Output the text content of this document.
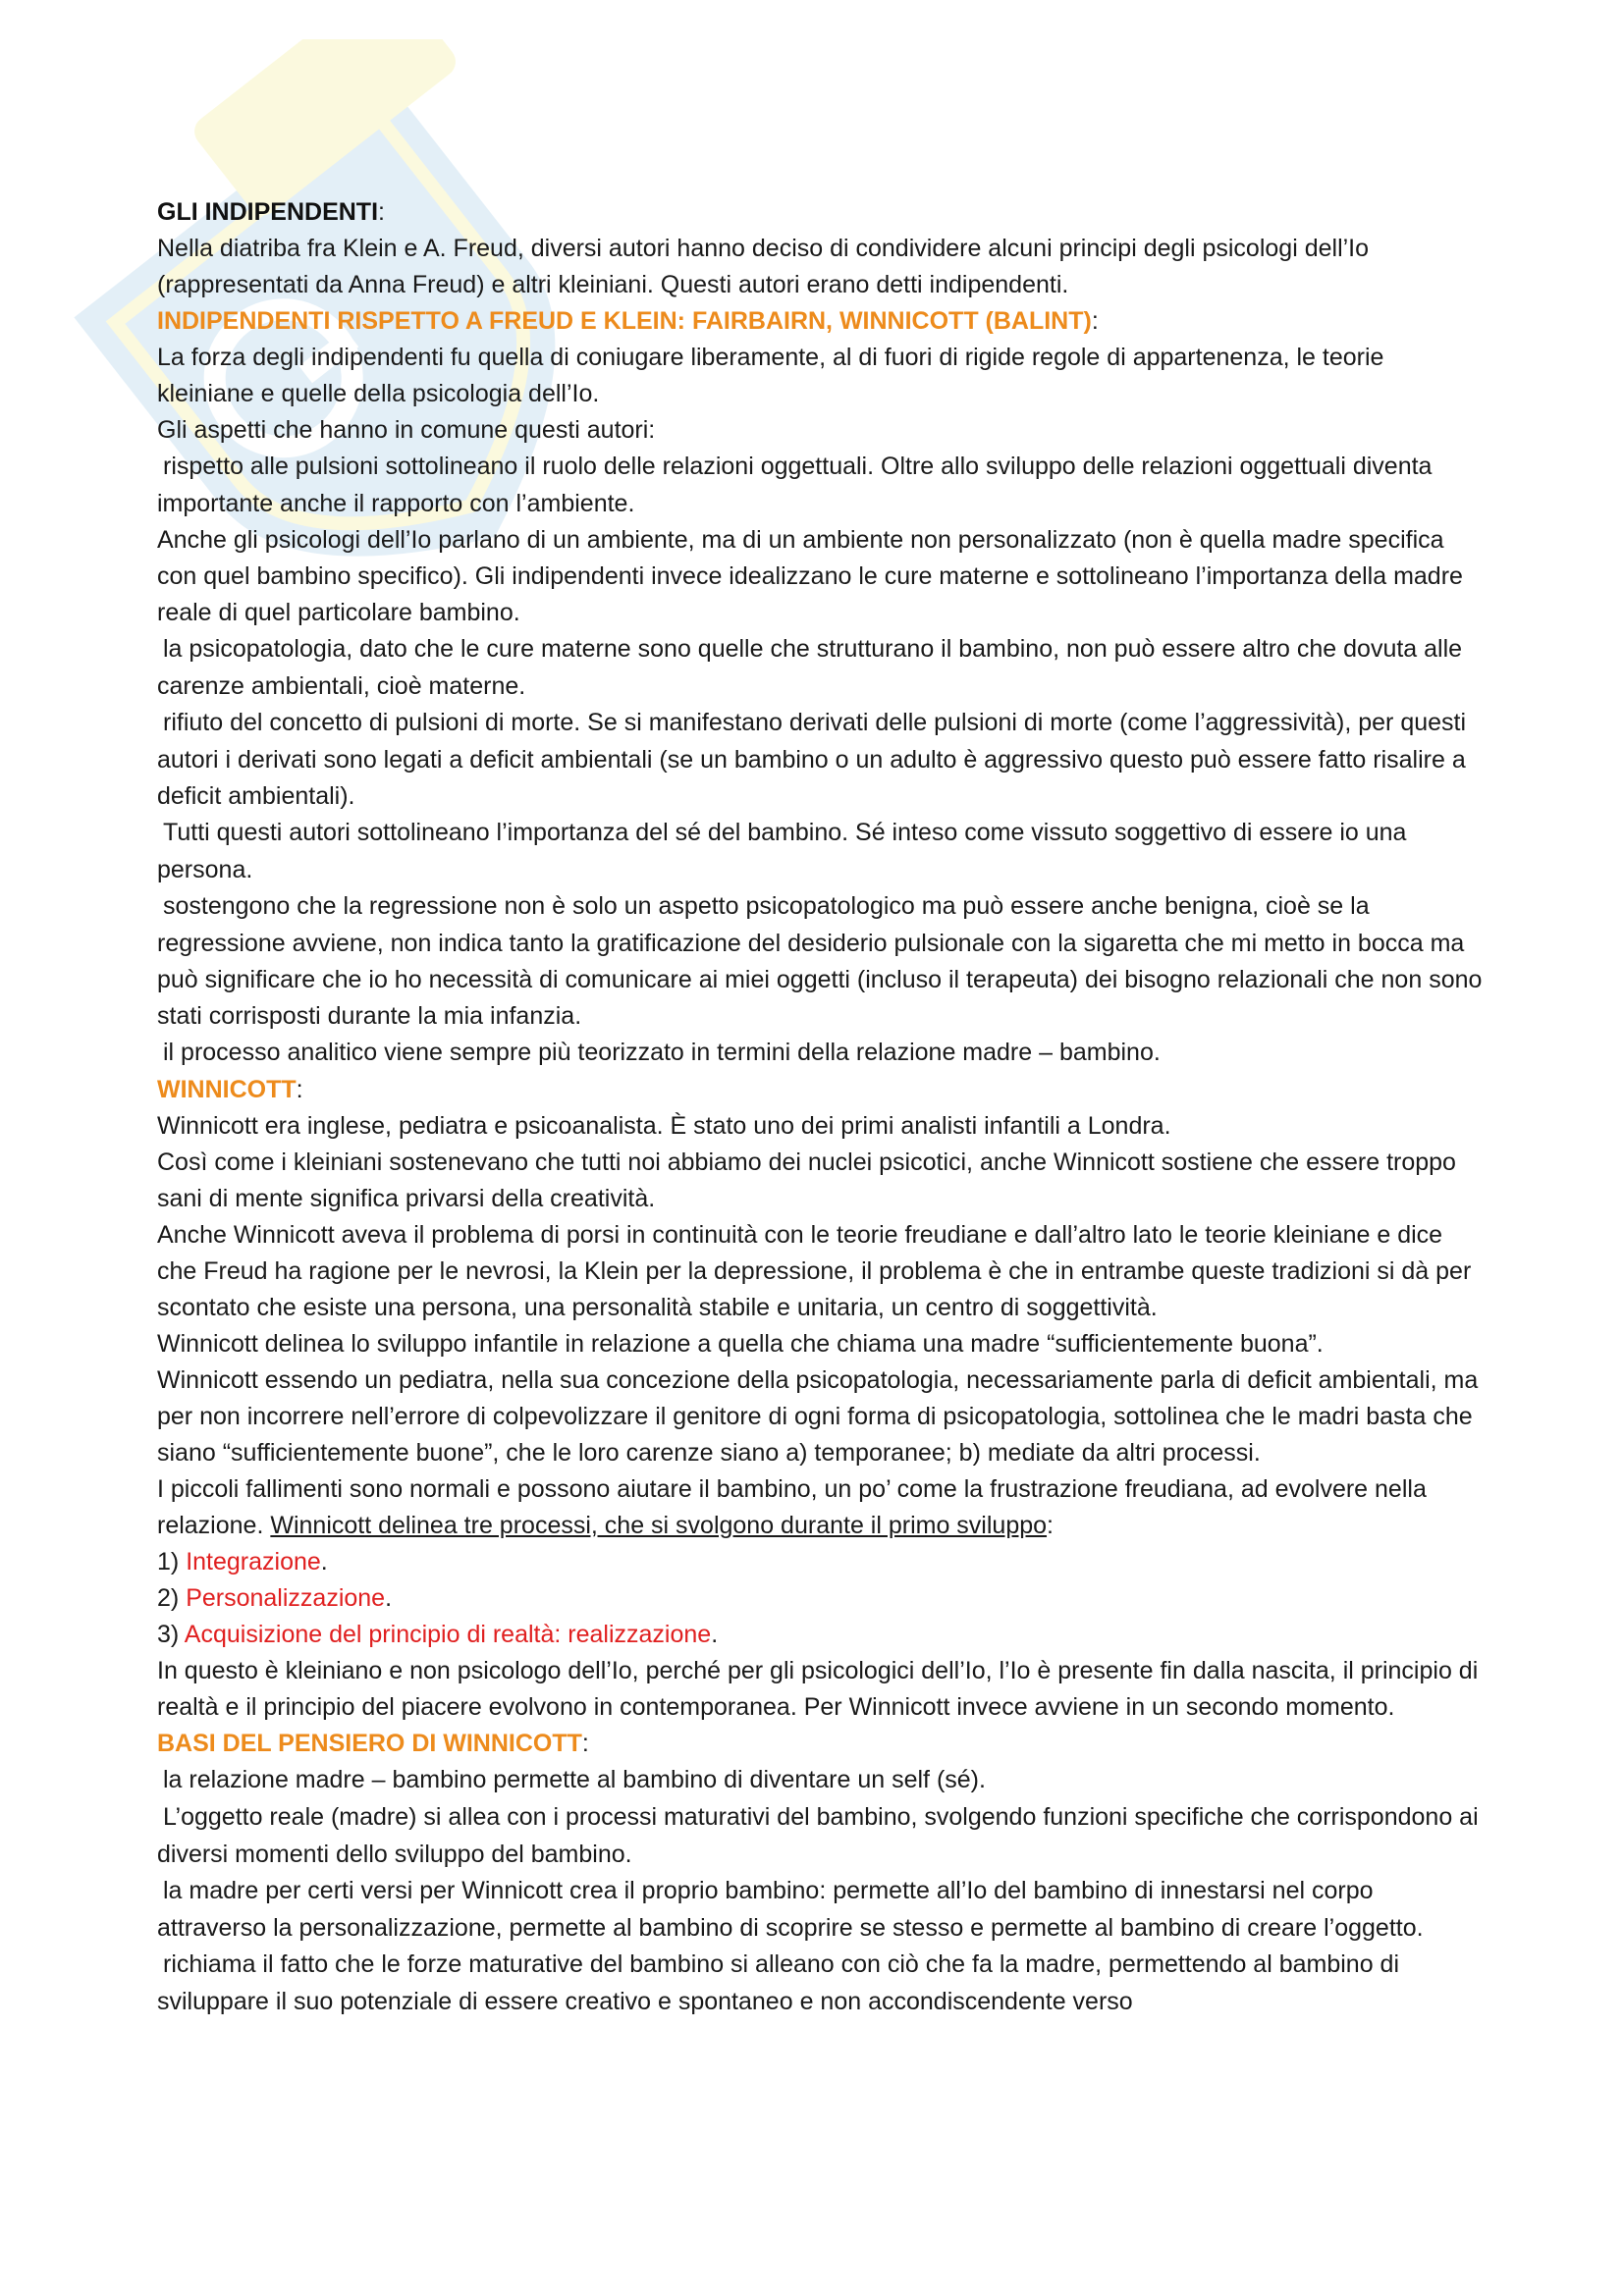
GLI INDIPENDENTI:

Nella diatriba fra Klein e A. Freud, diversi autori hanno deciso di condividere alcuni principi degli psicologi dell’Io (rappresentati da Anna Freud) e altri kleiniani. Questi autori erano detti indipendenti.

INDIPENDENTI RISPETTO A FREUD E KLEIN: FAIRBAIRN, WINNICOTT (BALINT):

La forza degli indipendenti fu quella di coniugare liberamente, al di fuori di rigide regole di appartenenza, le teorie kleiniane e quelle della psicologia dell’Io.

Gli aspetti che hanno in comune questi autori:

rispetto alle pulsioni sottolineano il ruolo delle relazioni oggettuali. Oltre allo sviluppo delle relazioni oggettuali diventa importante anche il rapporto con l’ambiente.

Anche gli psicologi dell’Io parlano di un ambiente, ma di un ambiente non personalizzato (non è quella madre specifica con quel bambino specifico). Gli indipendenti invece idealizzano le cure materne e sottolineano l’importanza della madre reale di quel particolare bambino.

la psicopatologia, dato che le cure materne sono quelle che strutturano il bambino, non può essere altro che dovuta alle carenze ambientali, cioè materne.

rifiuto del concetto di pulsioni di morte. Se si manifestano derivati delle pulsioni di morte (come l’aggressività), per questi autori i derivati sono legati a deficit ambientali (se un bambino o un adulto è aggressivo questo può essere fatto risalire a deficit ambientali).

Tutti questi autori sottolineano l’importanza del sé del bambino. Sé inteso come vissuto soggettivo di essere io una persona.

sostengono che la regressione non è solo un aspetto psicopatologico ma può essere anche benigna, cioè se la regressione avviene, non indica tanto la gratificazione del desiderio pulsionale con la sigaretta che mi metto in bocca ma può significare che io ho necessità di comunicare ai miei oggetti (incluso il terapeuta) dei bisogno relazionali che non sono stati corrisposti durante la mia infanzia.

il processo analitico viene sempre più teorizzato in termini della relazione madre – bambino.

WINNICOTT:

Winnicott era inglese, pediatra e psicoanalista. È stato uno dei primi analisti infantili a Londra.

Così come i kleiniani sostenevano che tutti noi abbiamo dei nuclei psicotici, anche Winnicott sostiene che essere troppo sani di mente significa privarsi della creatività.

Anche Winnicott aveva il problema di porsi in continuità con le teorie freudiane e dall’altro lato le teorie kleiniane e dice che Freud ha ragione per le nevrosi, la Klein per la depressione, il problema è che in entrambe queste tradizioni si dà per scontato che esiste una persona, una personalità stabile e unitaria, un centro di soggettività.

Winnicott delinea lo sviluppo infantile in relazione a quella che chiama una madre “sufficientemente buona”.

Winnicott essendo un pediatra, nella sua concezione della psicopatologia, necessariamente parla di deficit ambientali, ma per non incorrere nell’errore di colpevolizzare il genitore di ogni forma di psicopatologia, sottolinea che le madri basta che siano “sufficientemente buone”, che le loro carenze siano a) temporanee; b) mediate da altri processi.

I piccoli fallimenti sono normali e possono aiutare il bambino, un po’ come la frustrazione freudiana, ad evolvere nella relazione. Winnicott delinea tre processi, che si svolgono durante il primo sviluppo:

1) Integrazione.

2) Personalizzazione.

3) Acquisizione del principio di realtà: realizzazione.

In questo è kleiniano e non psicologo dell’Io, perché per gli psicologici dell’Io, l’Io è presente fin dalla nascita, il principio di realtà e il principio del piacere evolvono in contemporanea. Per Winnicott invece avviene in un secondo momento.

BASI DEL PENSIERO DI WINNICOTT:

la relazione madre – bambino permette al bambino di diventare un self (sé).

L’oggetto reale (madre) si allea con i processi maturativi del bambino, svolgendo funzioni specifiche che corrispondono ai diversi momenti dello sviluppo del bambino.

la madre per certi versi per Winnicott crea il proprio bambino: permette all’Io del bambino di innestarsi nel corpo attraverso la personalizzazione, permette al bambino di scoprire se stesso e permette al bambino di creare l’oggetto.

richiama il fatto che le forze maturative del bambino si alleano con ciò che fa la madre, permettendo al bambino di sviluppare il suo potenziale di essere creativo e spontaneo e non accondiscendente verso
